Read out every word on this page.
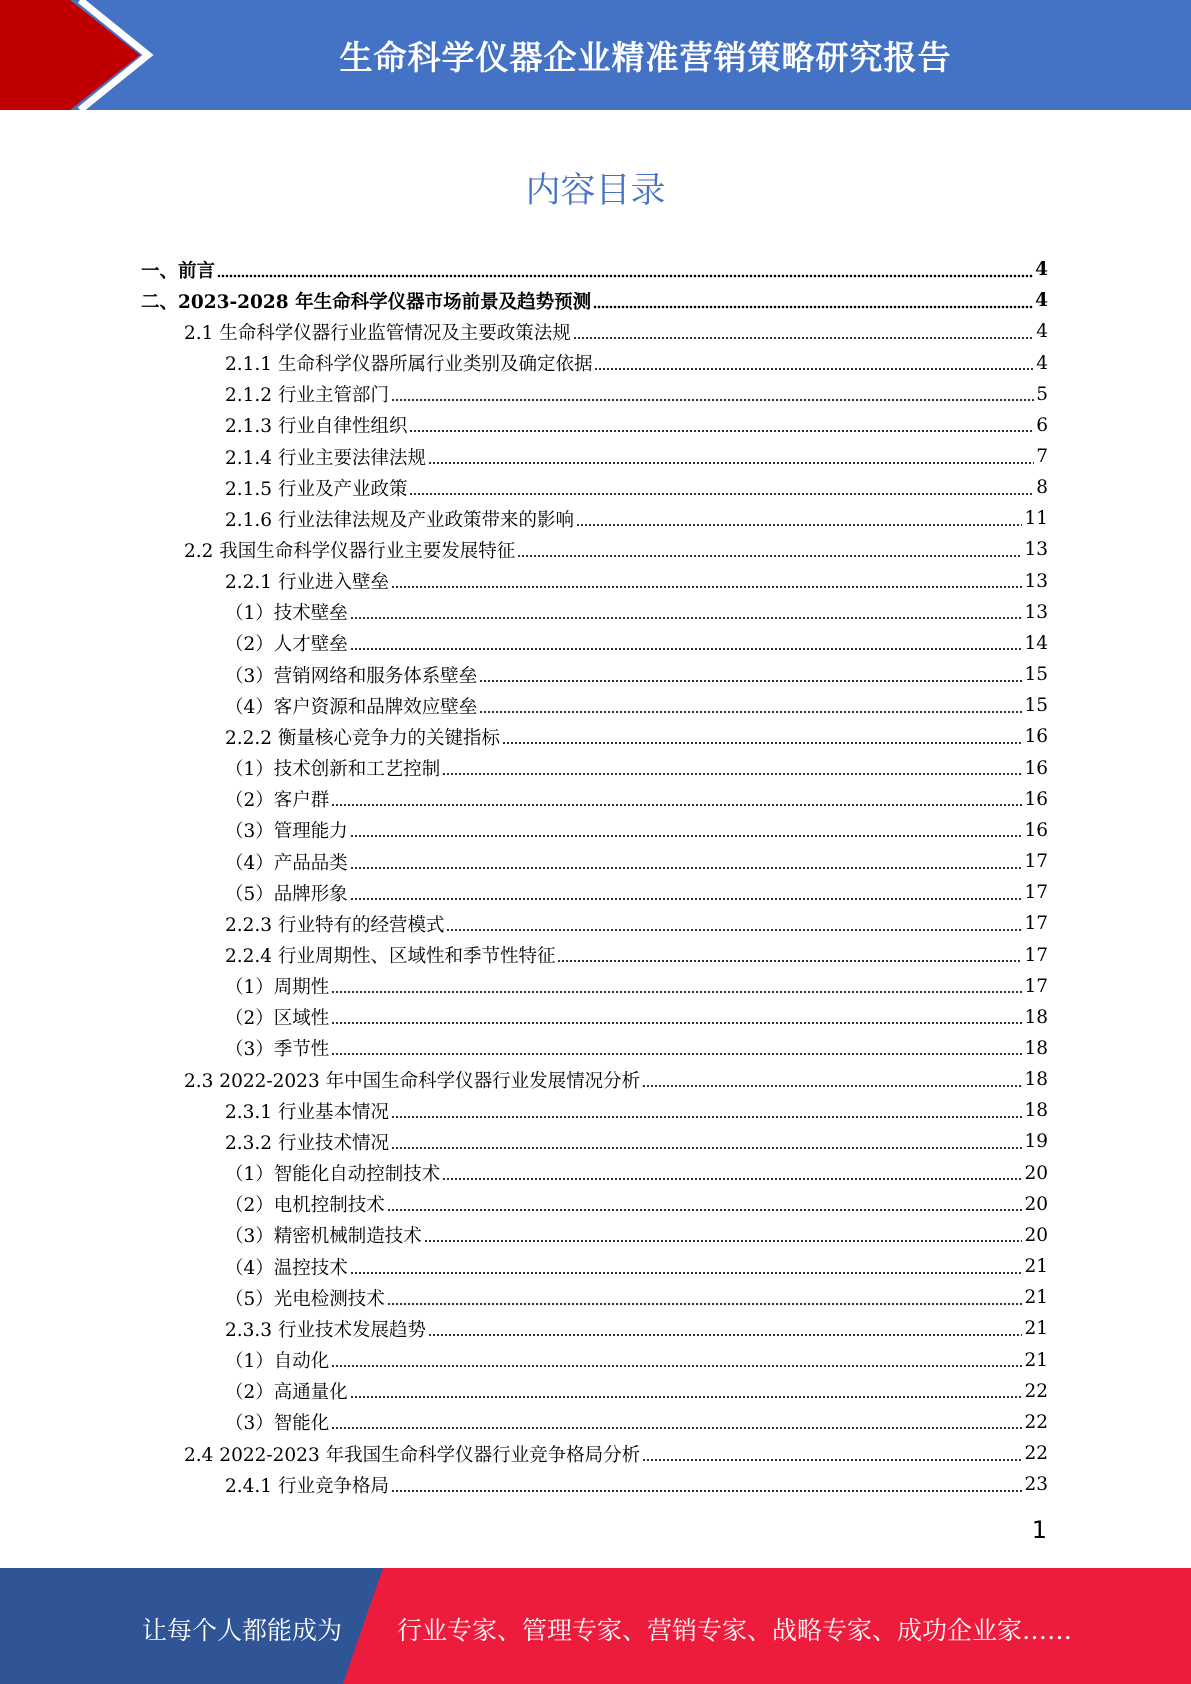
生命科学仪器企业精准营销策略研究报告
内容目录
一、前言	4
二、2023-2028 年生命科学仪器市场前景及趋势预测	4
2.1 生命科学仪器行业监管情况及主要政策法规	4
2.1.1 生命科学仪器所属行业类别及确定依据	4
2.1.2 行业主管部门	5
2.1.3 行业自律性组织	6
2.1.4 行业主要法律法规	7
2.1.5 行业及产业政策	8
2.1.6 行业法律法规及产业政策带来的影响	11
2.2 我国生命科学仪器行业主要发展特征	13
2.2.1 行业进入壁垒	13
（1）技术壁垒	13
（2）人才壁垒	14
（3）营销网络和服务体系壁垒	15
（4）客户资源和品牌效应壁垒	15
2.2.2 衡量核心竞争力的关键指标	16
（1）技术创新和工艺控制	16
（2）客户群	16
（3）管理能力	16
（4）产品品类	17
（5）品牌形象	17
2.2.3 行业特有的经营模式	17
2.2.4 行业周期性、区域性和季节性特征	17
（1）周期性	17
（2）区域性	18
（3）季节性	18
2.3 2022-2023 年中国生命科学仪器行业发展情况分析	18
2.3.1 行业基本情况	18
2.3.2 行业技术情况	19
（1）智能化自动控制技术	20
（2）电机控制技术	20
（3）精密机械制造技术	20
（4）温控技术	21
（5）光电检测技术	21
2.3.3 行业技术发展趋势	21
（1）自动化	21
（2）高通量化	22
（3）智能化	22
2.4 2022-2023 年我国生命科学仪器行业竞争格局分析	22
2.4.1 行业竞争格局	23
1
让每个人都能成为 行业专家、管理专家、营销专家、战略专家、成功企业家……
